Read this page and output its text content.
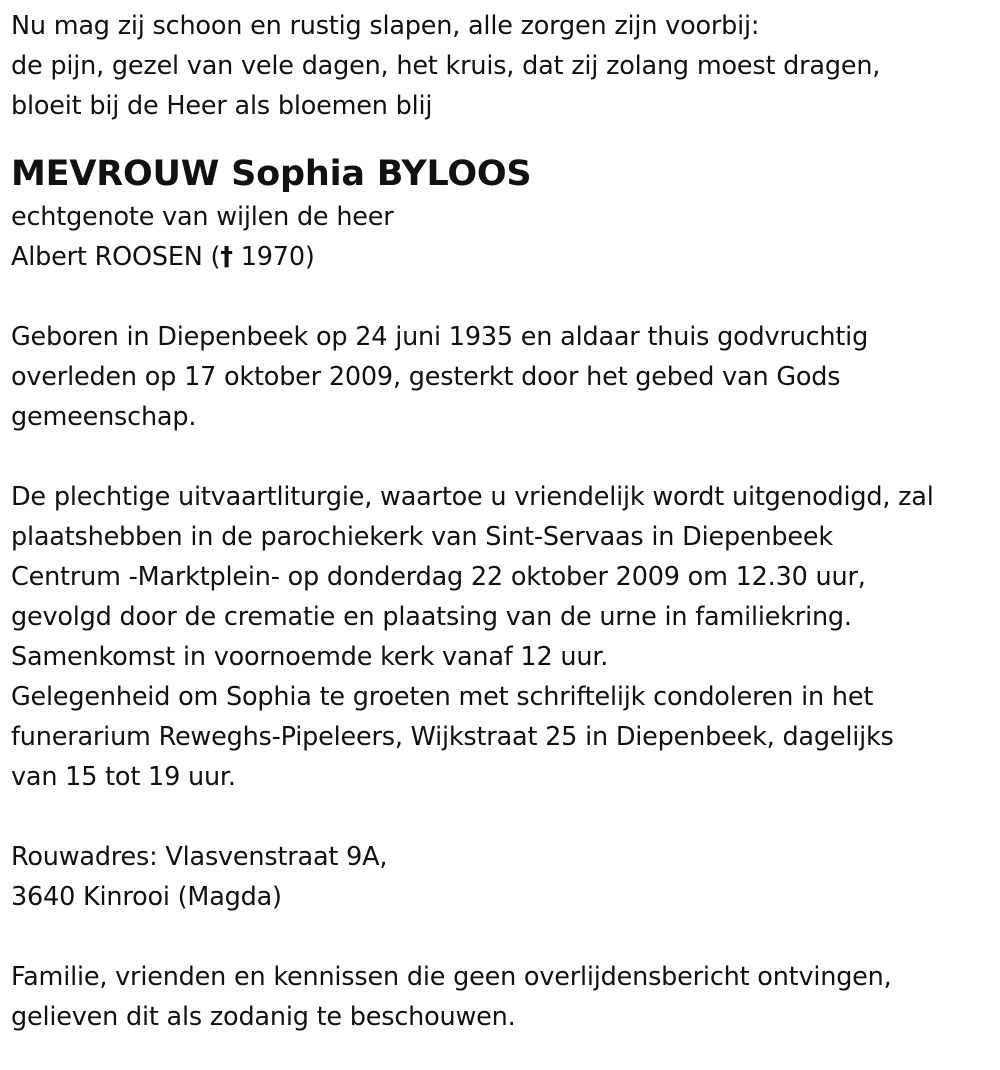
Nu mag zij schoon en rustig slapen, alle zorgen zijn voorbij:
de pijn, gezel van vele dagen, het kruis, dat zij zolang moest dragen,
bloeit bij de Heer als bloemen blij
MEVROUW Sophia BYLOOS
echtgenote van wijlen de heer
Albert ROOSEN († 1970)
Geboren in Diepenbeek op 24 juni 1935 en aldaar thuis godvruchtig
overleden op 17 oktober 2009, gesterkt door het gebed van Gods
gemeenschap.
De plechtige uitvaartliturgie, waartoe u vriendelijk wordt uitgenodigd, zal
plaatshebben in de parochiekerk van Sint-Servaas in Diepenbeek
Centrum -Marktplein- op donderdag 22 oktober 2009 om 12.30 uur,
gevolgd door de crematie en plaatsing van de urne in familiekring.
Samenkomst in voornoemde kerk vanaf 12 uur.
Gelegenheid om Sophia te groeten met schriftelijk condoleren in het
funerarium Reweghs-Pipeleers, Wijkstraat 25 in Diepenbeek, dagelijks
van 15 tot 19 uur.
Rouwadres: Vlasvenstraat 9A,
3640 Kinrooi (Magda)
Familie, vrienden en kennissen die geen overlijdensbericht ontvingen,
gelieven dit als zodanig te beschouwen.
